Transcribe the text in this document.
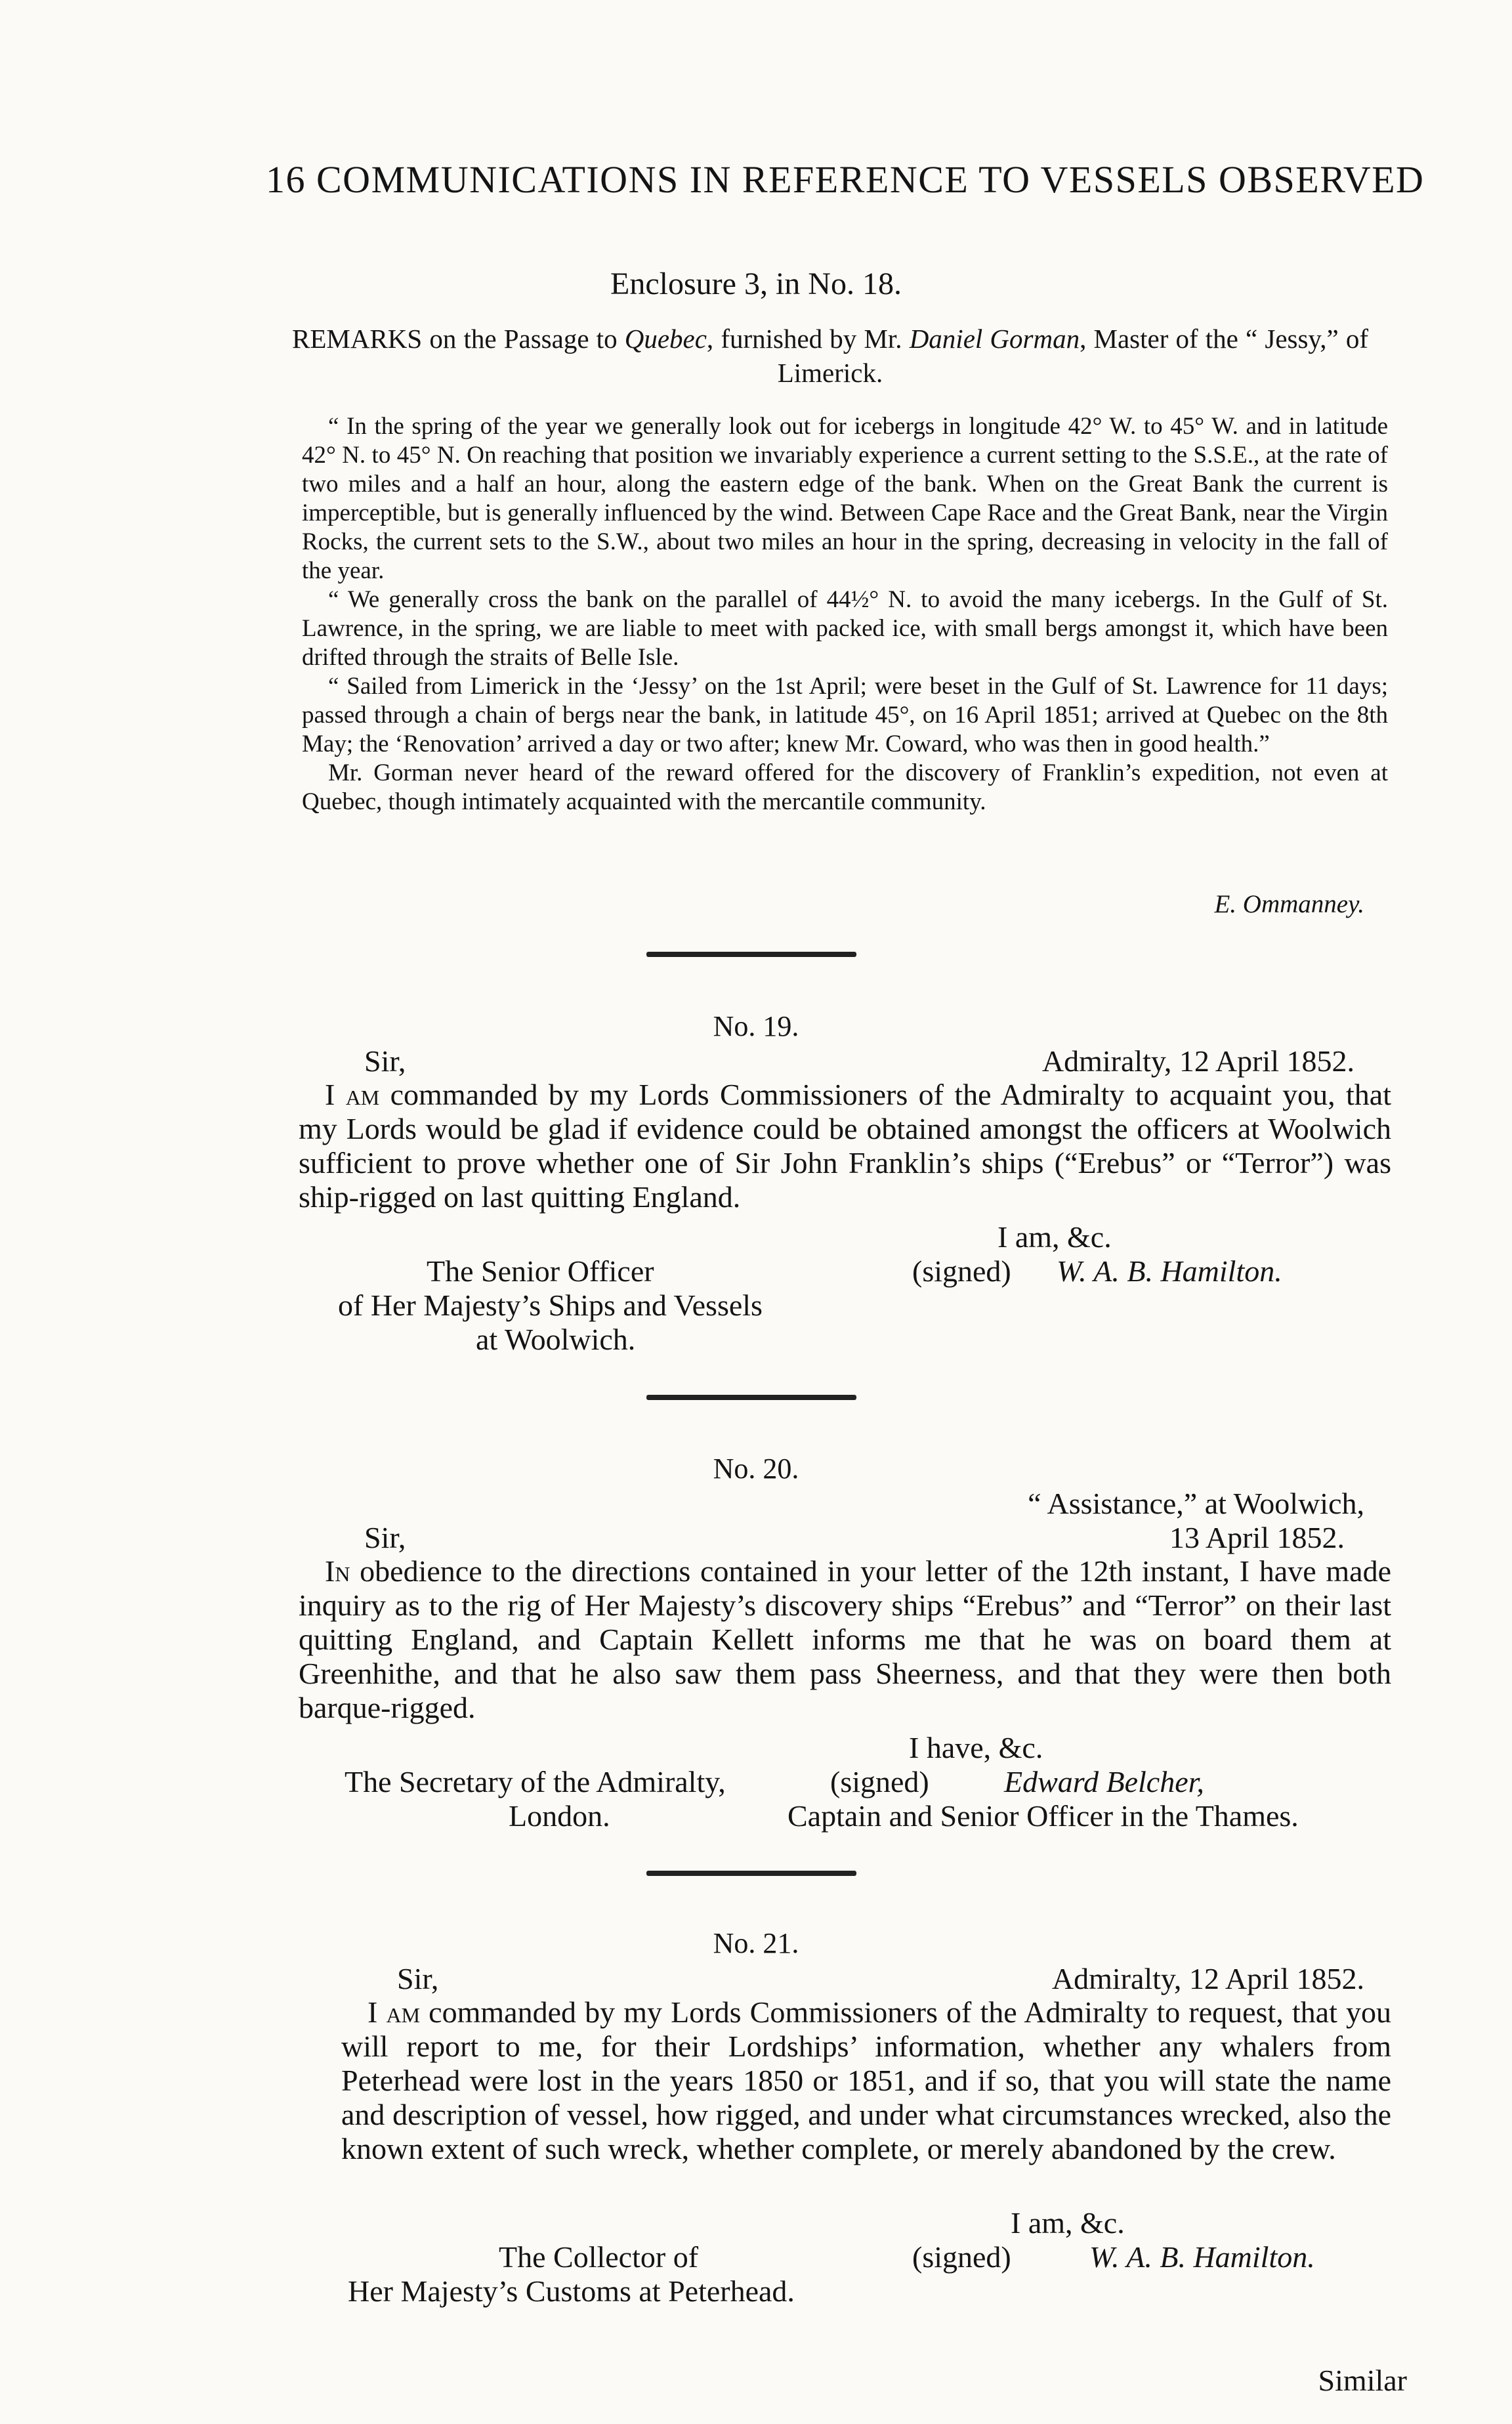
16 COMMUNICATIONS IN REFERENCE TO VESSELS OBSERVED
Enclosure 3, in No. 18.
REMARKS on the Passage to Quebec, furnished by Mr. Daniel Gorman, Master of the “ Jessy,” of Limerick.

“ In the spring of the year we generally look out for icebergs in longitude 42° W. to 45° W. and in latitude 42° N. to 45° N. On reaching that position we invariably experience a current setting to the S.S.E., at the rate of two miles and a half an hour, along the eastern edge of the bank. When on the Great Bank the current is imperceptible, but is generally influenced by the wind. Between Cape Race and the Great Bank, near the Virgin Rocks, the current sets to the S.W., about two miles an hour in the spring, decreasing in velocity in the fall of the year.

“ We generally cross the bank on the parallel of 44½° N. to avoid the many icebergs. In the Gulf of St. Lawrence, in the spring, we are liable to meet with packed ice, with small bergs amongst it, which have been drifted through the straits of Belle Isle.

“ Sailed from Limerick in the ‘Jessy’ on the 1st April; were beset in the Gulf of St. Lawrence for 11 days; passed through a chain of bergs near the bank, in latitude 45°, on 16 April 1851; arrived at Quebec on the 8th May; the ‘Renovation’ arrived a day or two after; knew Mr. Coward, who was then in good health.”

Mr. Gorman never heard of the reward offered for the discovery of Franklin’s expedition, not even at Quebec, though intimately acquainted with the mercantile community.

E. Ommanney.
No. 19.
Sir,	Admiralty, 12 April 1852.

I am commanded by my Lords Commissioners of the Admiralty to acquaint you, that my Lords would be glad if evidence could be obtained amongst the officers at Woolwich sufficient to prove whether one of Sir John Franklin’s ships (“Erebus” or “Terror”) was ship-rigged on last quitting England.

I am, &c.
(signed) W. A. B. Hamilton.
The Senior Officer
of Her Majesty’s Ships and Vessels
at Woolwich.
No. 20.
“ Assistance,” at Woolwich,
Sir,	13 April 1852.

In obedience to the directions contained in your letter of the 12th instant, I have made inquiry as to the rig of Her Majesty’s discovery ships “Erebus” and “Terror” on their last quitting England, and Captain Kellett informs me that he was on board them at Greenhithe, and that he also saw them pass Sheerness, and that they were then both barque-rigged.

I have, &c.
The Secretary of the Admiralty,	(signed) Edward Belcher,
London.	Captain and Senior Officer in the Thames.
No. 21.
Sir,	Admiralty, 12 April 1852.

I am commanded by my Lords Commissioners of the Admiralty to request, that you will report to me, for their Lordships’ information, whether any whalers from Peterhead were lost in the years 1850 or 1851, and if so, that you will state the name and description of vessel, how rigged, and under what circumstances wrecked, also the known extent of such wreck, whether complete, or merely abandoned by the crew.

I am, &c.
The Collector of	(signed)	W. A. B. Hamilton.
Her Majesty’s Customs at Peterhead.
Similar
